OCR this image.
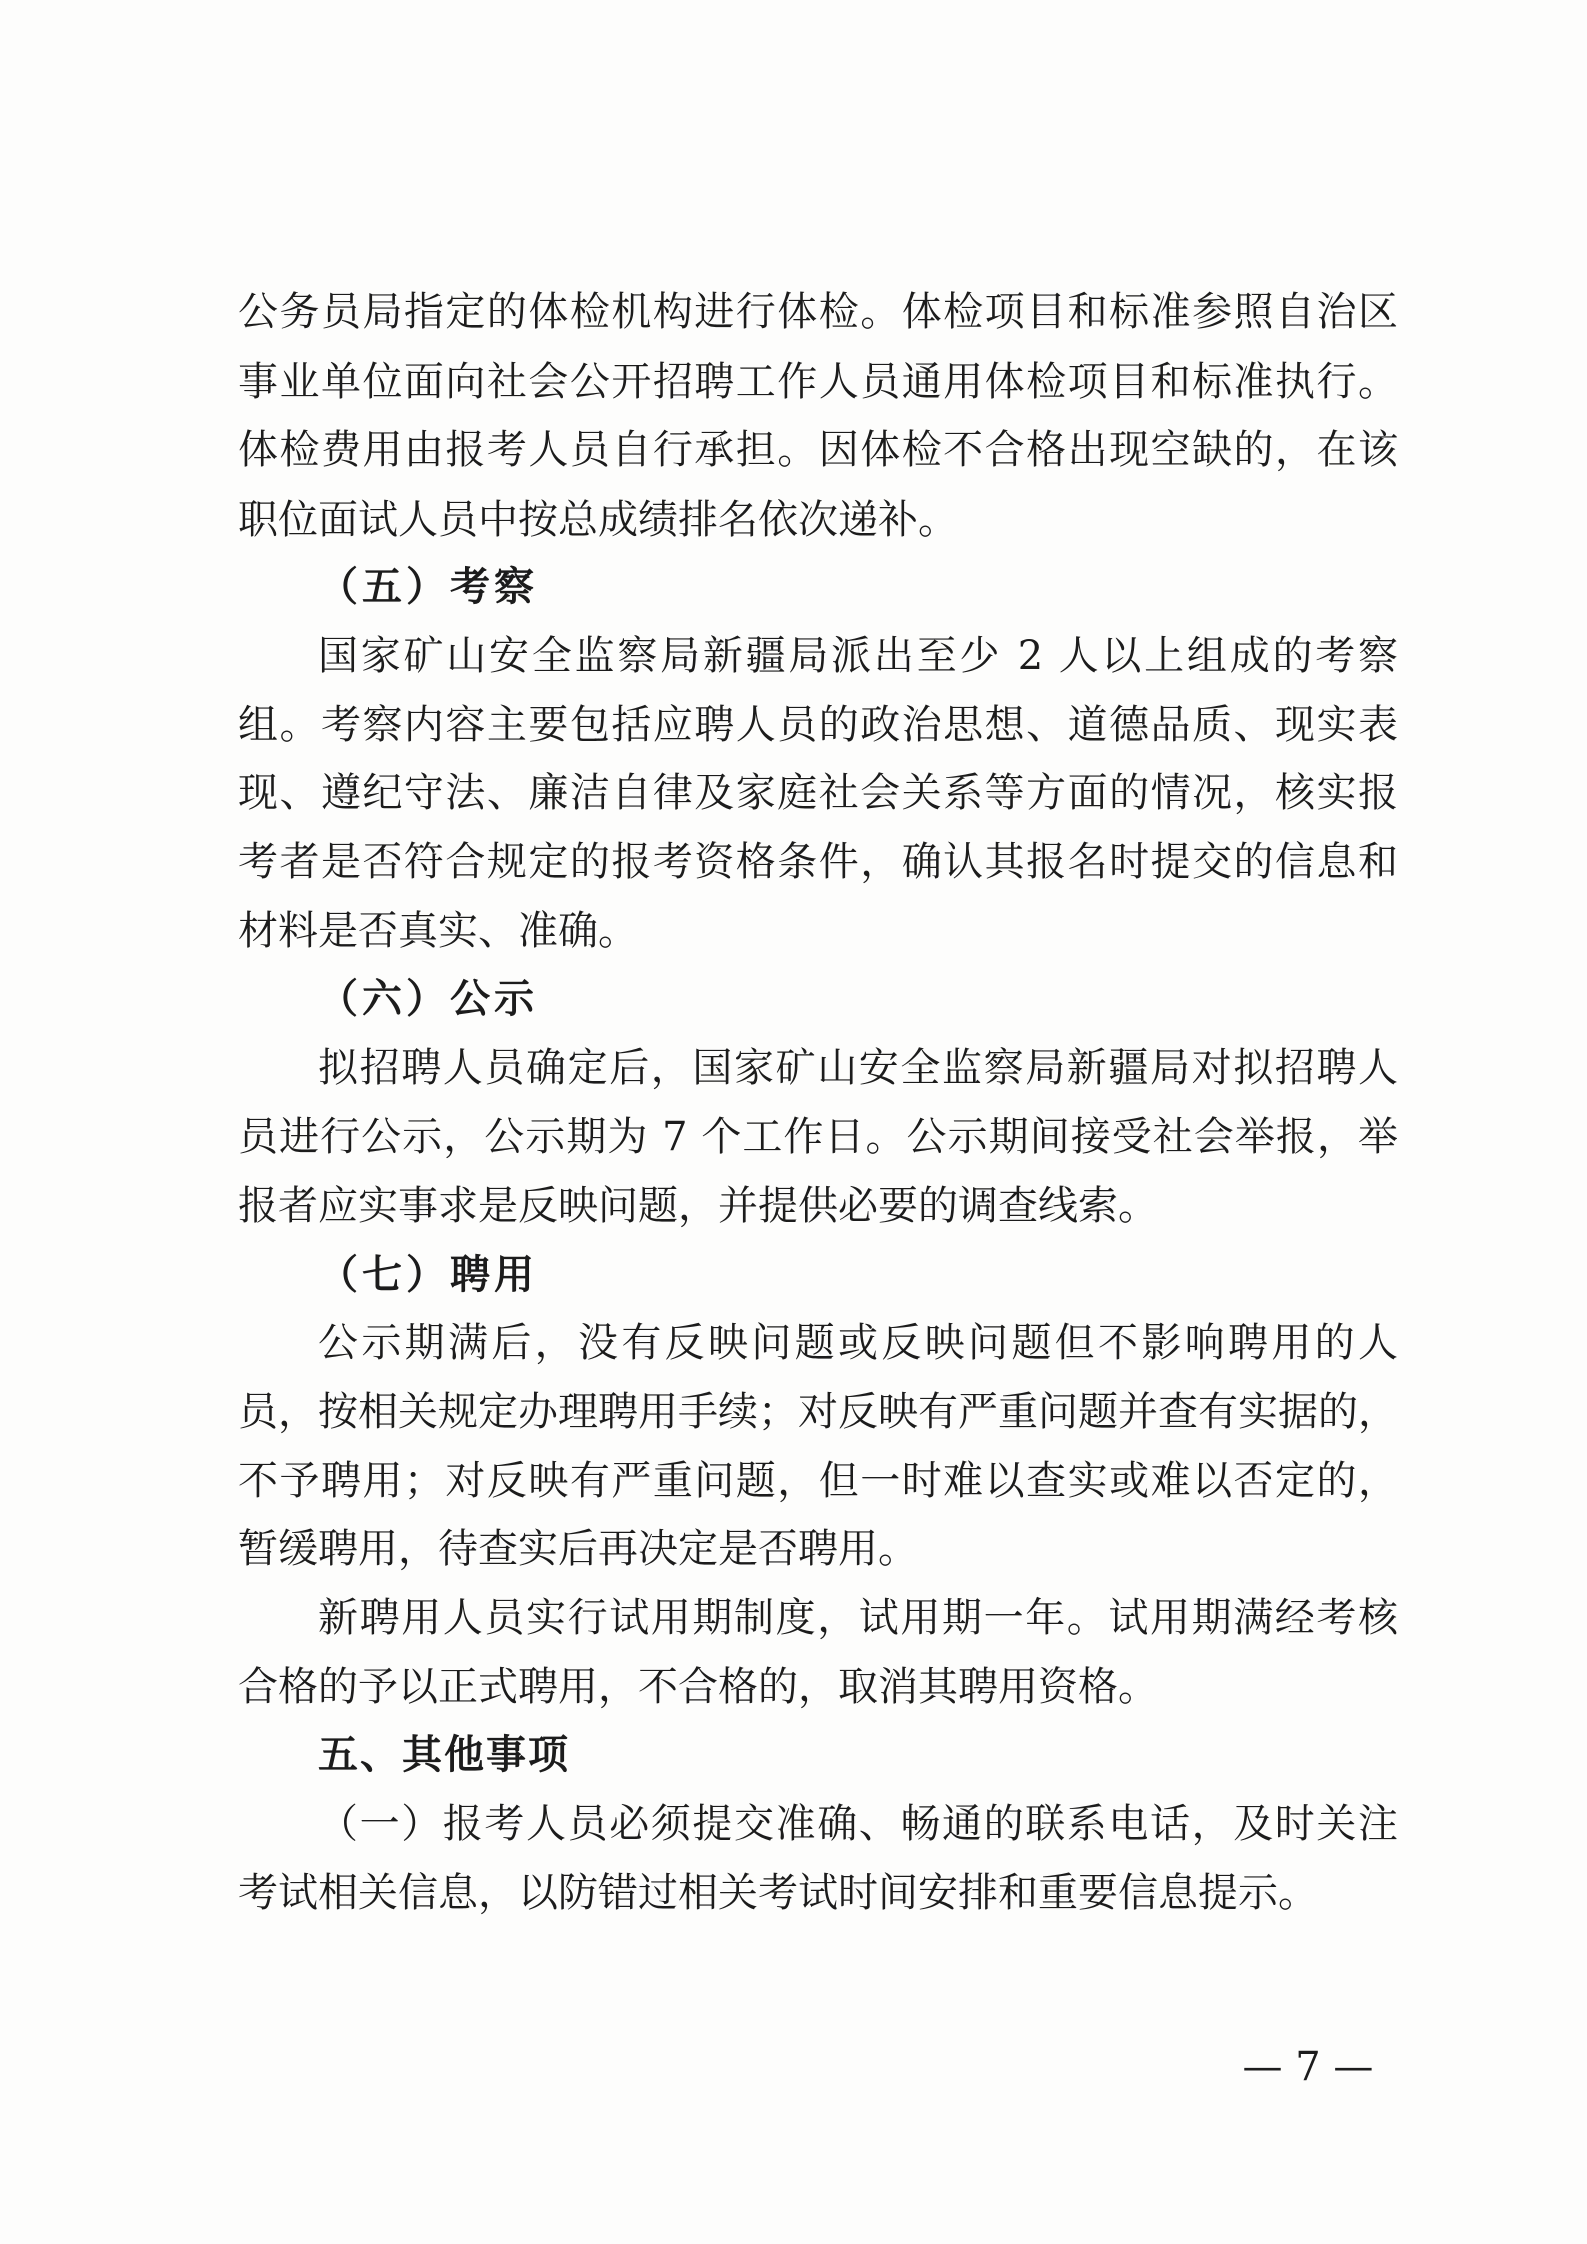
公务员局指定的体检机构进行体检。体检项目和标准参照自治区
事业单位面向社会公开招聘工作人员通用体检项目和标准执行。
体检费用由报考人员自行承担。因体检不合格出现空缺的，在该
职位面试人员中按总成绩排名依次递补。
（五）考察
国家矿山安全监察局新疆局派出至少 2 人以上组成的考察
组。考察内容主要包括应聘人员的政治思想、道德品质、现实表
现、遵纪守法、廉洁自律及家庭社会关系等方面的情况，核实报
考者是否符合规定的报考资格条件，确认其报名时提交的信息和
材料是否真实、准确。
（六）公示
拟招聘人员确定后，国家矿山安全监察局新疆局对拟招聘人
员进行公示，公示期为 7 个工作日。公示期间接受社会举报，举
报者应实事求是反映问题，并提供必要的调查线索。
（七）聘用
公示期满后，没有反映问题或反映问题但不影响聘用的人
员，按相关规定办理聘用手续；对反映有严重问题并查有实据的，
不予聘用；对反映有严重问题，但一时难以查实或难以否定的，
暂缓聘用，待查实后再决定是否聘用。
新聘用人员实行试用期制度，试用期一年。试用期满经考核
合格的予以正式聘用，不合格的，取消其聘用资格。
五、其他事项
（一）报考人员必须提交准确、畅通的联系电话，及时关注
考试相关信息，以防错过相关考试时间安排和重要信息提示。
— 7 —
